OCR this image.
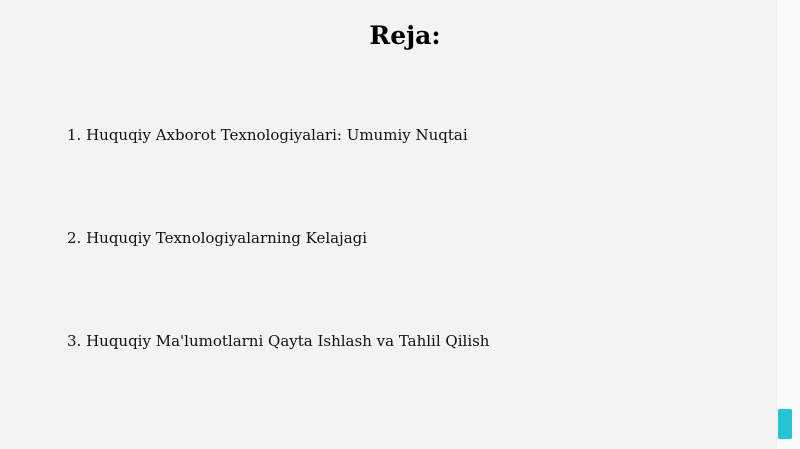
Reja:
1. Huquqiy Axborot Texnologiyalari: Umumiy Nuqtai
2. Huquqiy Texnologiyalarning Kelajagi
3. Huquqiy Ma'lumotlarni Qayta Ishlash va Tahlil Qilish
